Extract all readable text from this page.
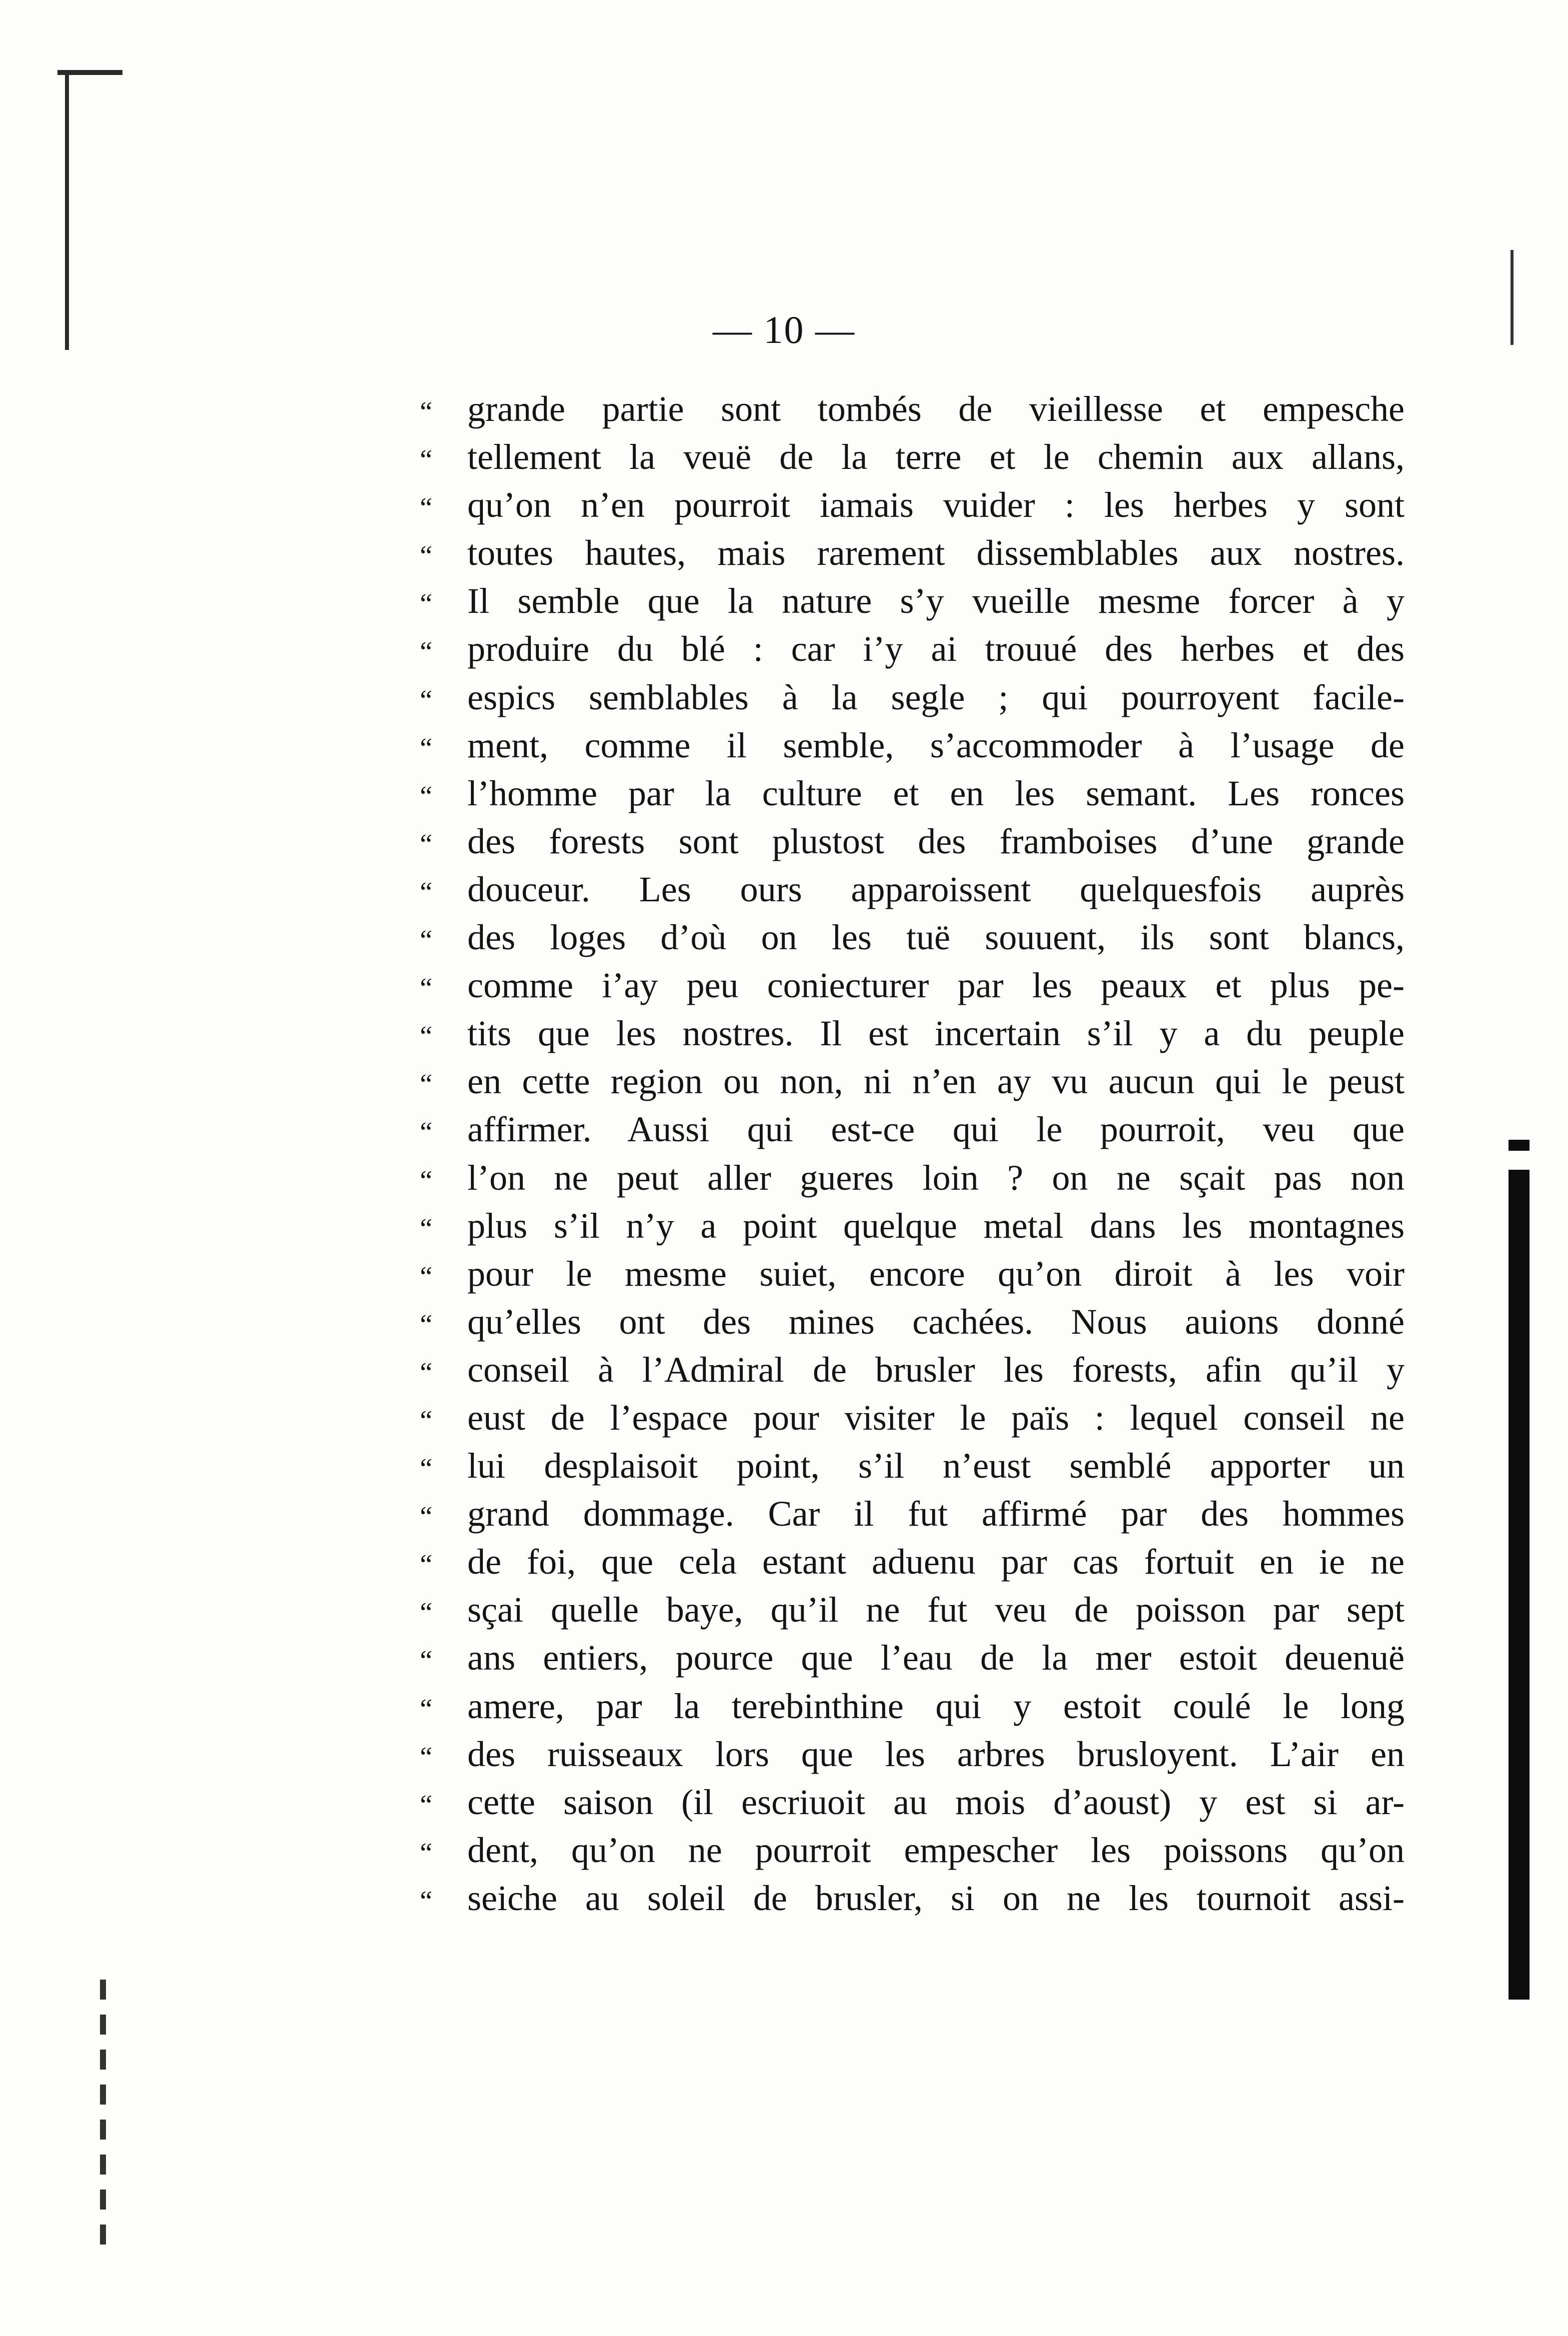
— 10 —
“ grande partie sont tombés de vieillesse et empesche
“ tellement la veuë de la terre et le chemin aux allans,
“ qu’on n’en pourroit iamais vuider : les herbes y sont
“ toutes hautes, mais rarement dissemblables aux nostres.
“ Il semble que la nature s’y vueille mesme forcer à y
“ produire du blé : car i’y ai trouué des herbes et des
“ espics semblables à la segle ; qui pourroyent facile-
“ ment, comme il semble, s’accommoder à l’usage de
“ l’homme par la culture et en les semant. Les ronces
“ des forests sont plustost des framboises d’une grande
“ douceur. Les ours apparoissent quelquesfois auprès
“ des loges d’où on les tuë souuent, ils sont blancs,
“ comme i’ay peu coniecturer par les peaux et plus pe-
“ tits que les nostres. Il est incertain s’il y a du peuple
“ en cette region ou non, ni n’en ay vu aucun qui le peust
“ affirmer. Aussi qui est-ce qui le pourroit, veu que
“ l’on ne peut aller gueres loin ? on ne sçait pas non
“ plus s’il n’y a point quelque metal dans les montagnes
“ pour le mesme suiet, encore qu’on diroit à les voir
“ qu’elles ont des mines cachées. Nous auions donné
“ conseil à l’Admiral de brusler les forests, afin qu’il y
“ eust de l’espace pour visiter le païs : lequel conseil ne
“ lui desplaisoit point, s’il n’eust semblé apporter un
“ grand dommage. Car il fut affirmé par des hommes
“ de foi, que cela estant aduenu par cas fortuit en ie ne
“ sçai quelle baye, qu’il ne fut veu de poisson par sept
“ ans entiers, pource que l’eau de la mer estoit deuenuë
“ amere, par la terebinthine qui y estoit coulé le long
“ des ruisseaux lors que les arbres brusloyent. L’air en
“ cette saison (il escriuoit au mois d’aoust) y est si ar-
“ dent, qu’on ne pourroit empescher les poissons qu’on
“ seiche au soleil de brusler, si on ne les tournoit assi-
